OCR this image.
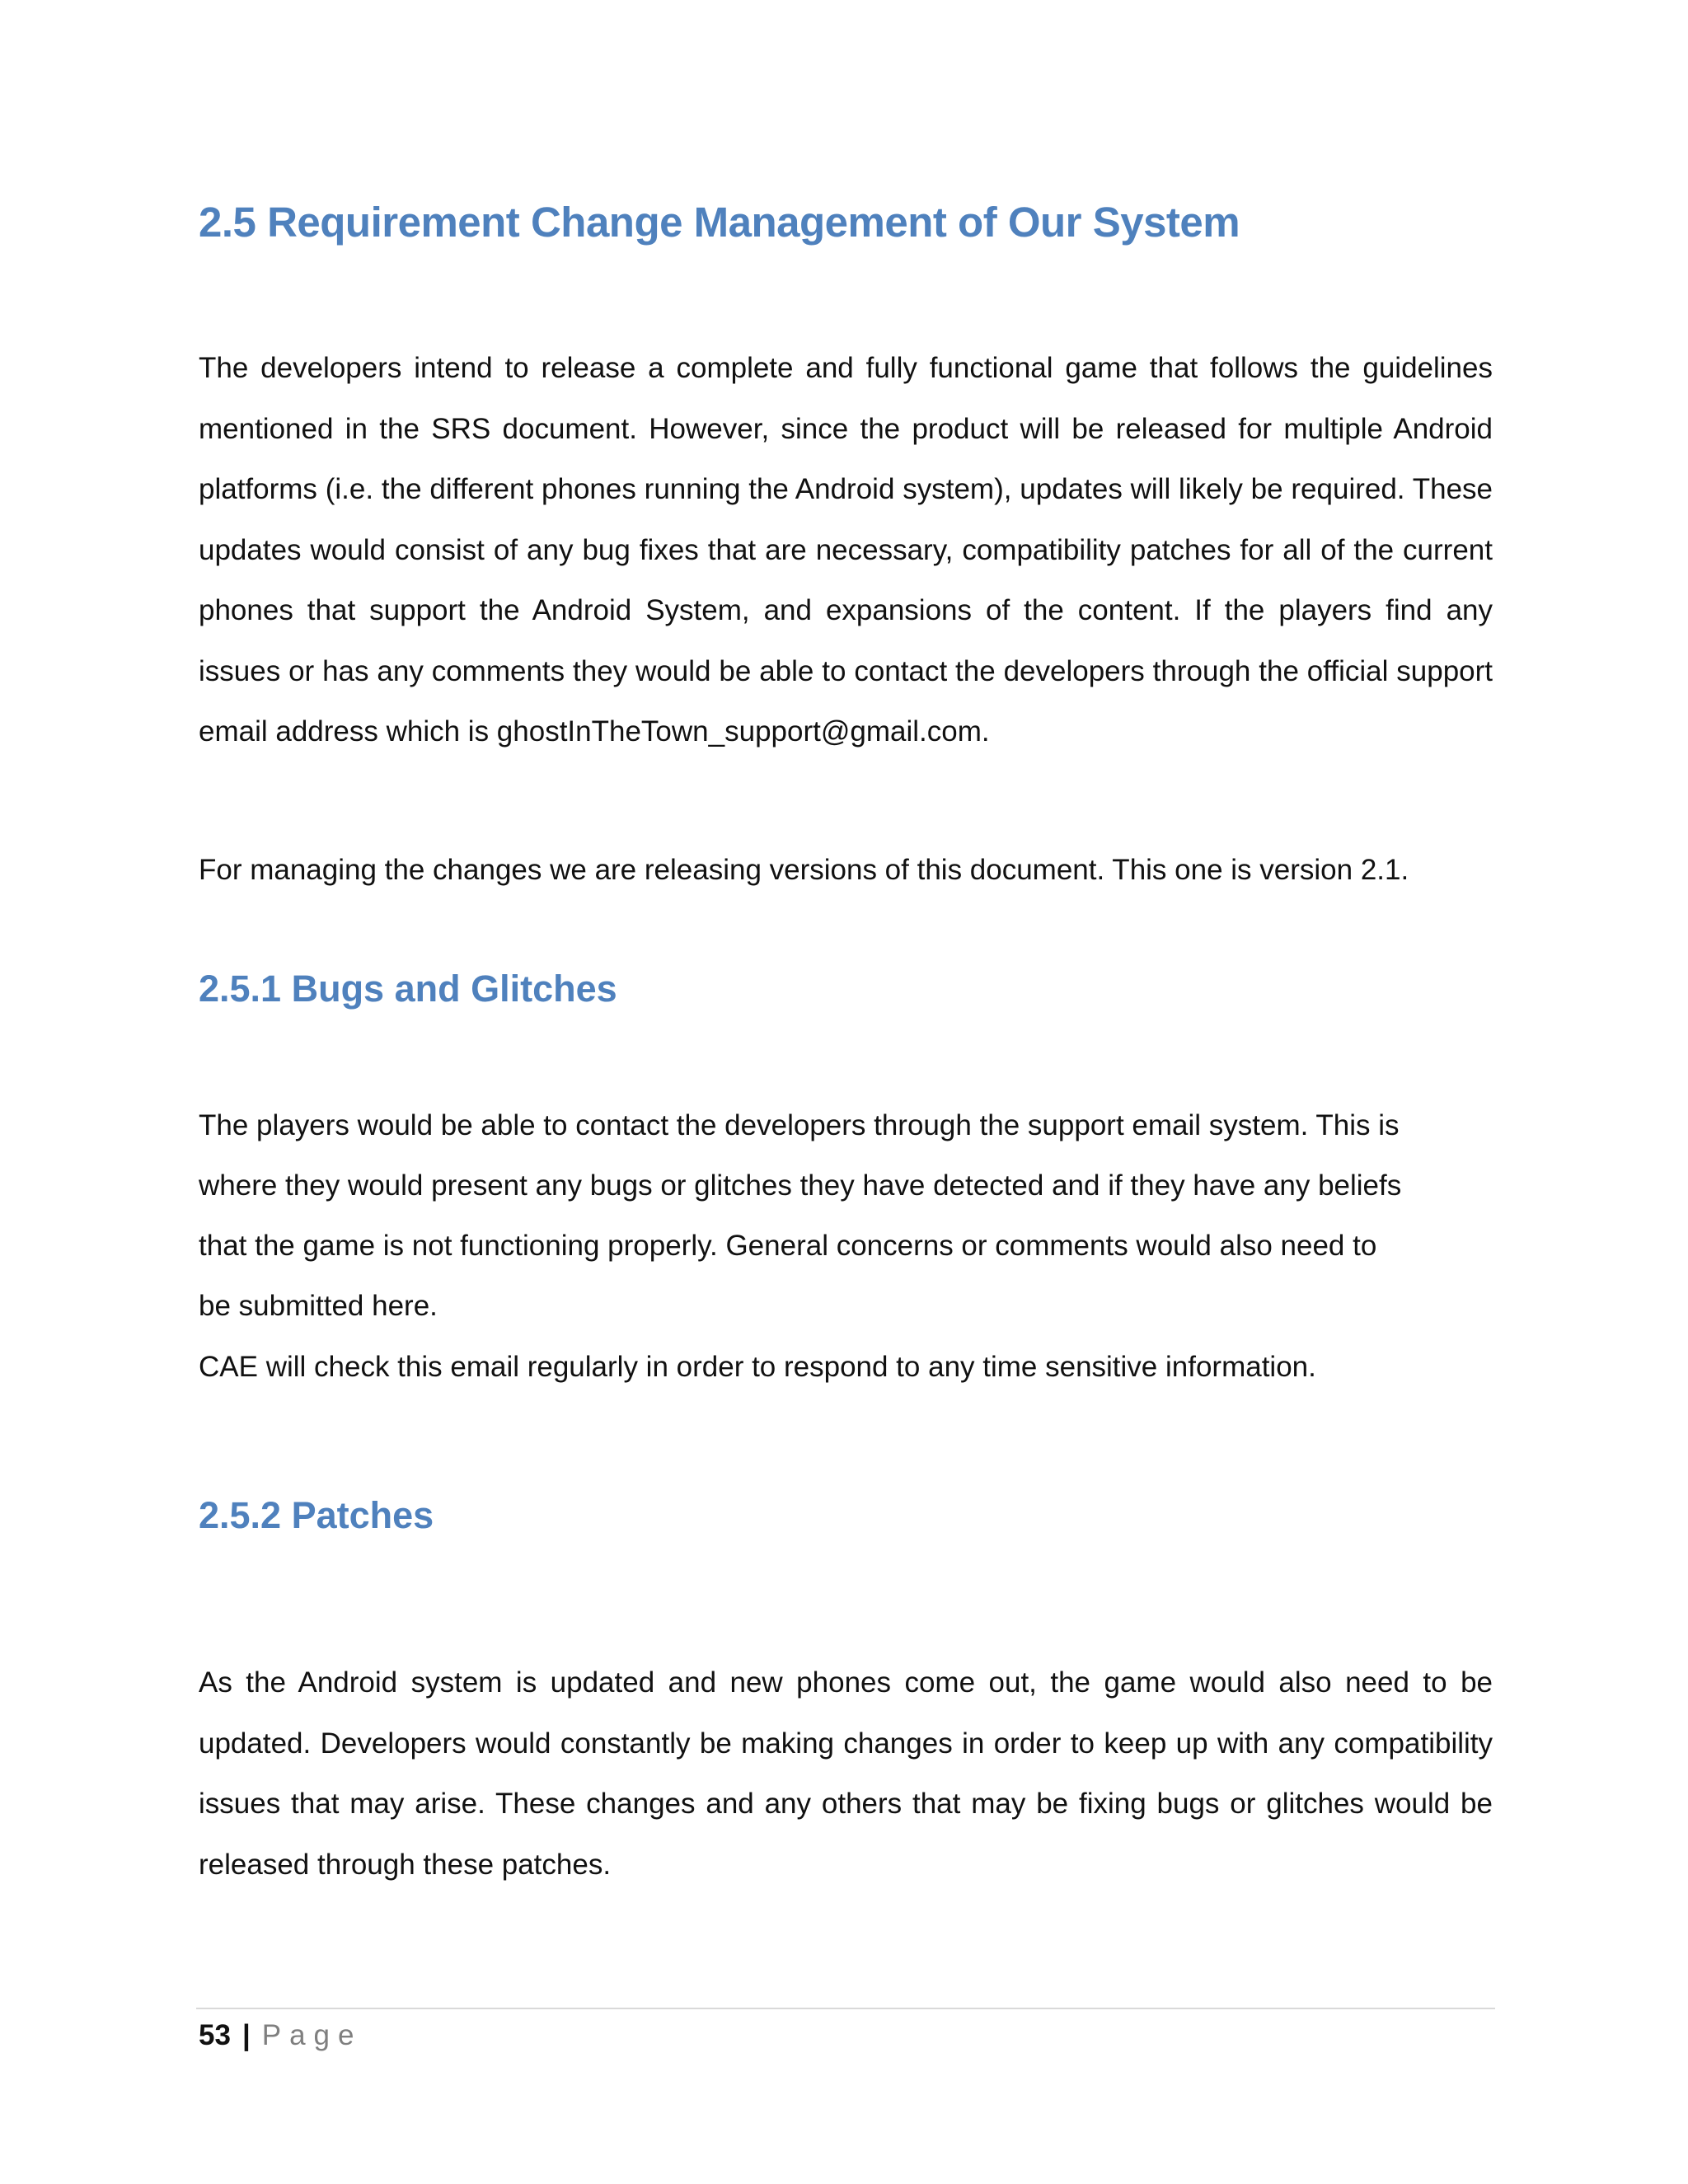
2.5 Requirement Change Management of Our System

The developers intend to release a complete and fully functional game that follows the guidelines mentioned in the SRS document. However, since the product will be released for multiple Android platforms (i.e. the different phones running the Android system), updates will likely be required. These updates would consist of any bug fixes that are necessary, compatibility patches for all of the current phones that support the Android System, and expansions of the content. If the players find any issues or has any comments they would be able to contact the developers through the official support email address which is ghostInTheTown_support@gmail.com.

For managing the changes we are releasing versions of this document. This one is version 2.1.

2.5.1 Bugs and Glitches

The players would be able to contact the developers through the support email system. This is

where they would present any bugs or glitches they have detected and if they have any beliefs

that the game is not functioning properly. General concerns or comments would also need to

be submitted here.

CAE will check this email regularly in order to respond to any time sensitive information.

2.5.2 Patches

As the Android system is updated and new phones come out, the game would also need to be updated. Developers would constantly be making changes in order to keep up with any compatibility issues that may arise. These changes and any others that may be fixing bugs or glitches would be released through these patches.

53 | Page
